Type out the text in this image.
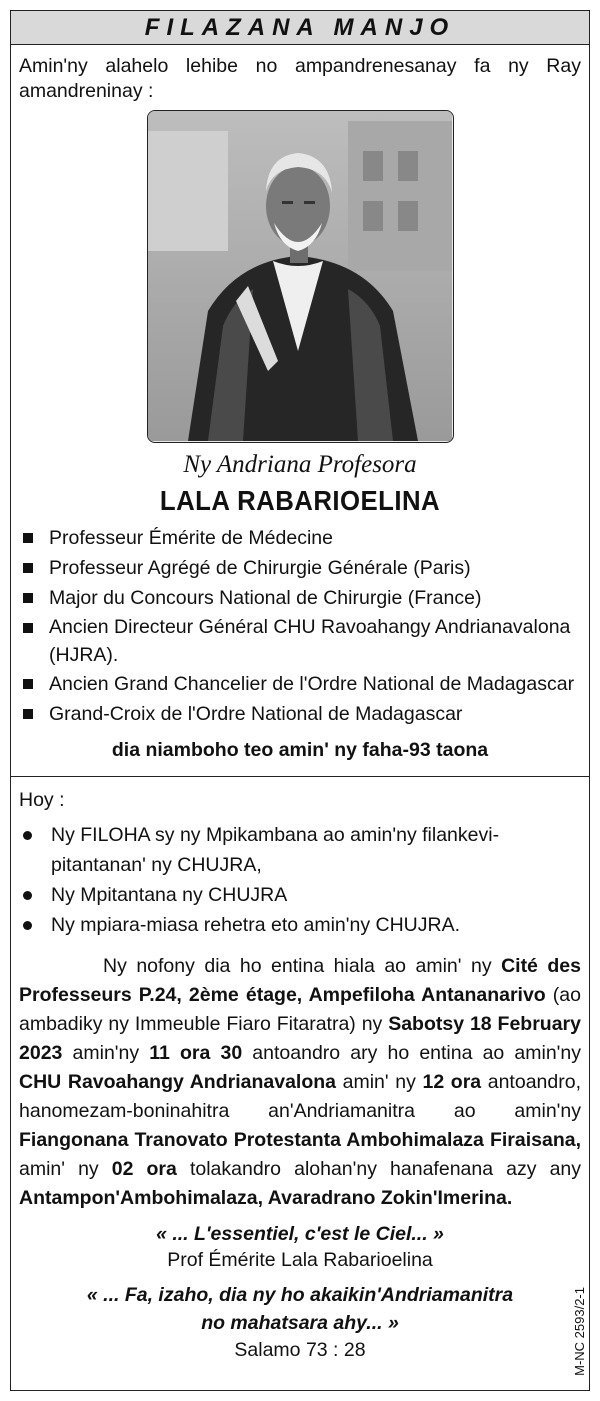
FILAZANA MANJO

Amin'ny alahelo lehibe no ampandrenesanay fa ny Ray amandreninay :

Ny Andriana Profesora
LALA RABARIOELINA
Professeur Émérite de Médecine
Professeur Agrégé de Chirurgie Générale (Paris)
Major du Concours National de Chirurgie (France)
Ancien Directeur Général CHU Ravoahangy Andrianavalona (HJRA).
Ancien Grand Chancelier de l'Ordre National de Madagascar
Grand-Croix de l'Ordre National de Madagascar
dia niamboho teo amin' ny faha-93 taona
Hoy :
Ny FILOHA sy ny Mpikambana ao amin'ny filankevi-pitantanan' ny CHUJRA,
Ny Mpitantana ny CHUJRA
Ny mpiara-miasa rehetra eto amin'ny CHUJRA.

Ny nofony dia ho entina hiala ao amin' ny Cité des Professeurs P.24, 2ème étage, Ampefiloha Antananarivo (ao ambadiky ny Immeuble Fiaro Fitaratra) ny Sabotsy 18 February 2023 amin'ny 11 ora 30 antoandro ary ho entina ao amin'ny CHU Ravoahangy Andrianavalona amin' ny 12 ora antoandro, hanomezam-boninahitra an'Andriamanitra ao amin'ny Fiangonana Tranovato Protestanta Ambohimalaza Firaisana, amin' ny 02 ora tolakandro alohan'ny hanafenana azy any Antampon'Ambohimalaza, Avaradrano Zokin'Imerina.

« ... L'essentiel, c'est le Ciel... »
Prof Émérite Lala Rabarioelina
« ... Fa, izaho, dia ny ho akaikin'Andriamanitra
no mahatsara ahy... »
Salamo 73 : 28	M-NC 2593/2-1
